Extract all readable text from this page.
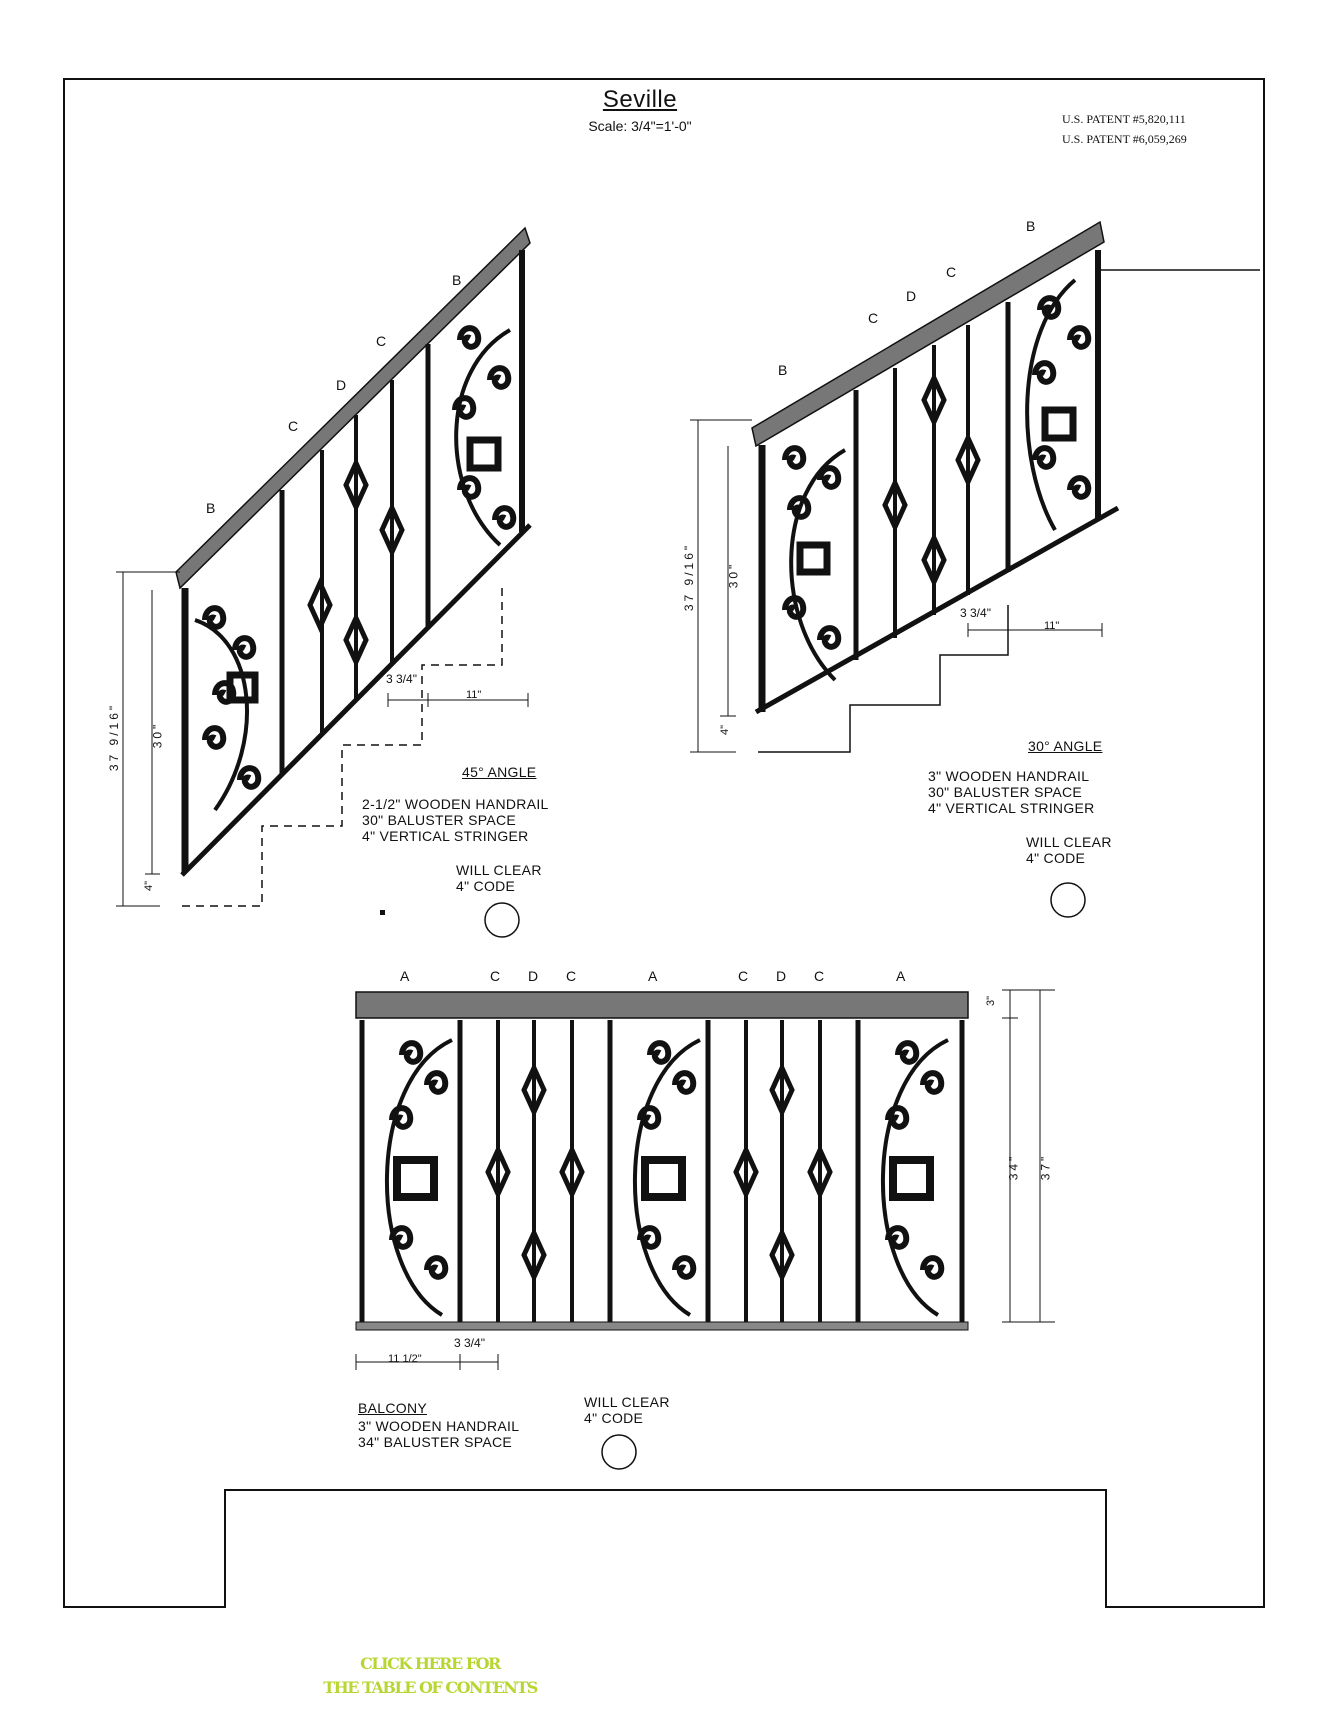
Seville
Scale: 3/4"=1'-0"	U.S. PATENT #5,820,111
U.S. PATENT #6,059,269
B
C
D
C
B
3 3/4"
11"
37 9/16" 30"
4"
45° ANGLE
2-1/2" WOODEN HANDRAIL
30" BALUSTER SPACE
4" VERTICAL STRINGER
WILL CLEAR
4" CODE
B
C
D
C
B
3 3/4"
11"
37 9/16"	30"
4"
30° ANGLE
3" WOODEN HANDRAIL
30" BALUSTER SPACE
4" VERTICAL STRINGER
WILL CLEAR
4" CODE
A	C D C	A	C D C	A
3"
34" 37"
11 1/2"
3 3/4"
BALCONY
3" WOODEN HANDRAIL
34" BALUSTER SPACE
WILL CLEAR
4" CODE
CLICK HERE FOR
THE TABLE OF CONTENTS
